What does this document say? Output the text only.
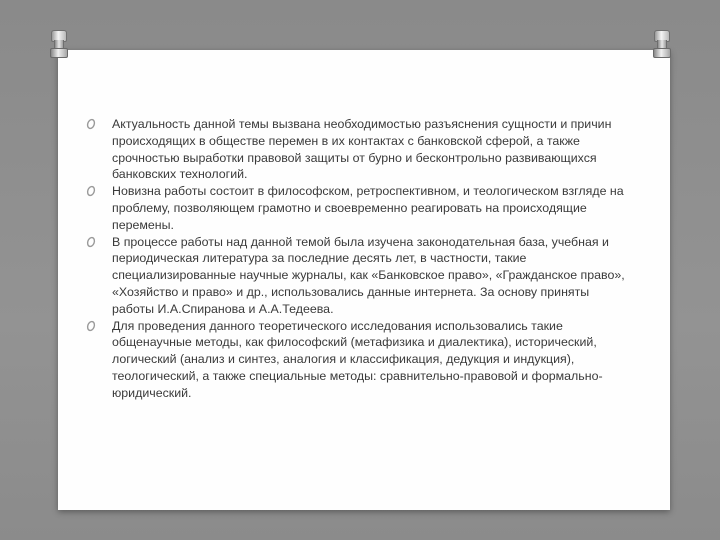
Актуальность данной темы вызвана необходимостью разъяснения сущности и причин происходящих в обществе перемен в их контактах с банковской сферой, а также срочностью выработки правовой защиты от бурно и бесконтрольно развивающихся банковских технологий.
Новизна работы состоит в философском, ретроспективном, и теологическом взгляде на проблему, позволяющем грамотно и своевременно реагировать на происходящие перемены.
В процессе работы над данной темой была изучена законодательная база, учебная и периодическая литература за последние десять лет, в частности, такие специализированные научные журналы, как «Банковское право», «Гражданское право», «Хозяйство и право» и др., использовались данные интернета. За основу приняты работы И.А.Спиранова и А.А.Тедеева.
Для проведения данного теоретического исследования использовались такие общенаучные методы, как философский (метафизика и диалектика), исторический, логический (анализ и синтез, аналогия и классификация, дедукция и индукция), теологический, а также специальные методы: сравнительно-правовой и формально-юридический.
